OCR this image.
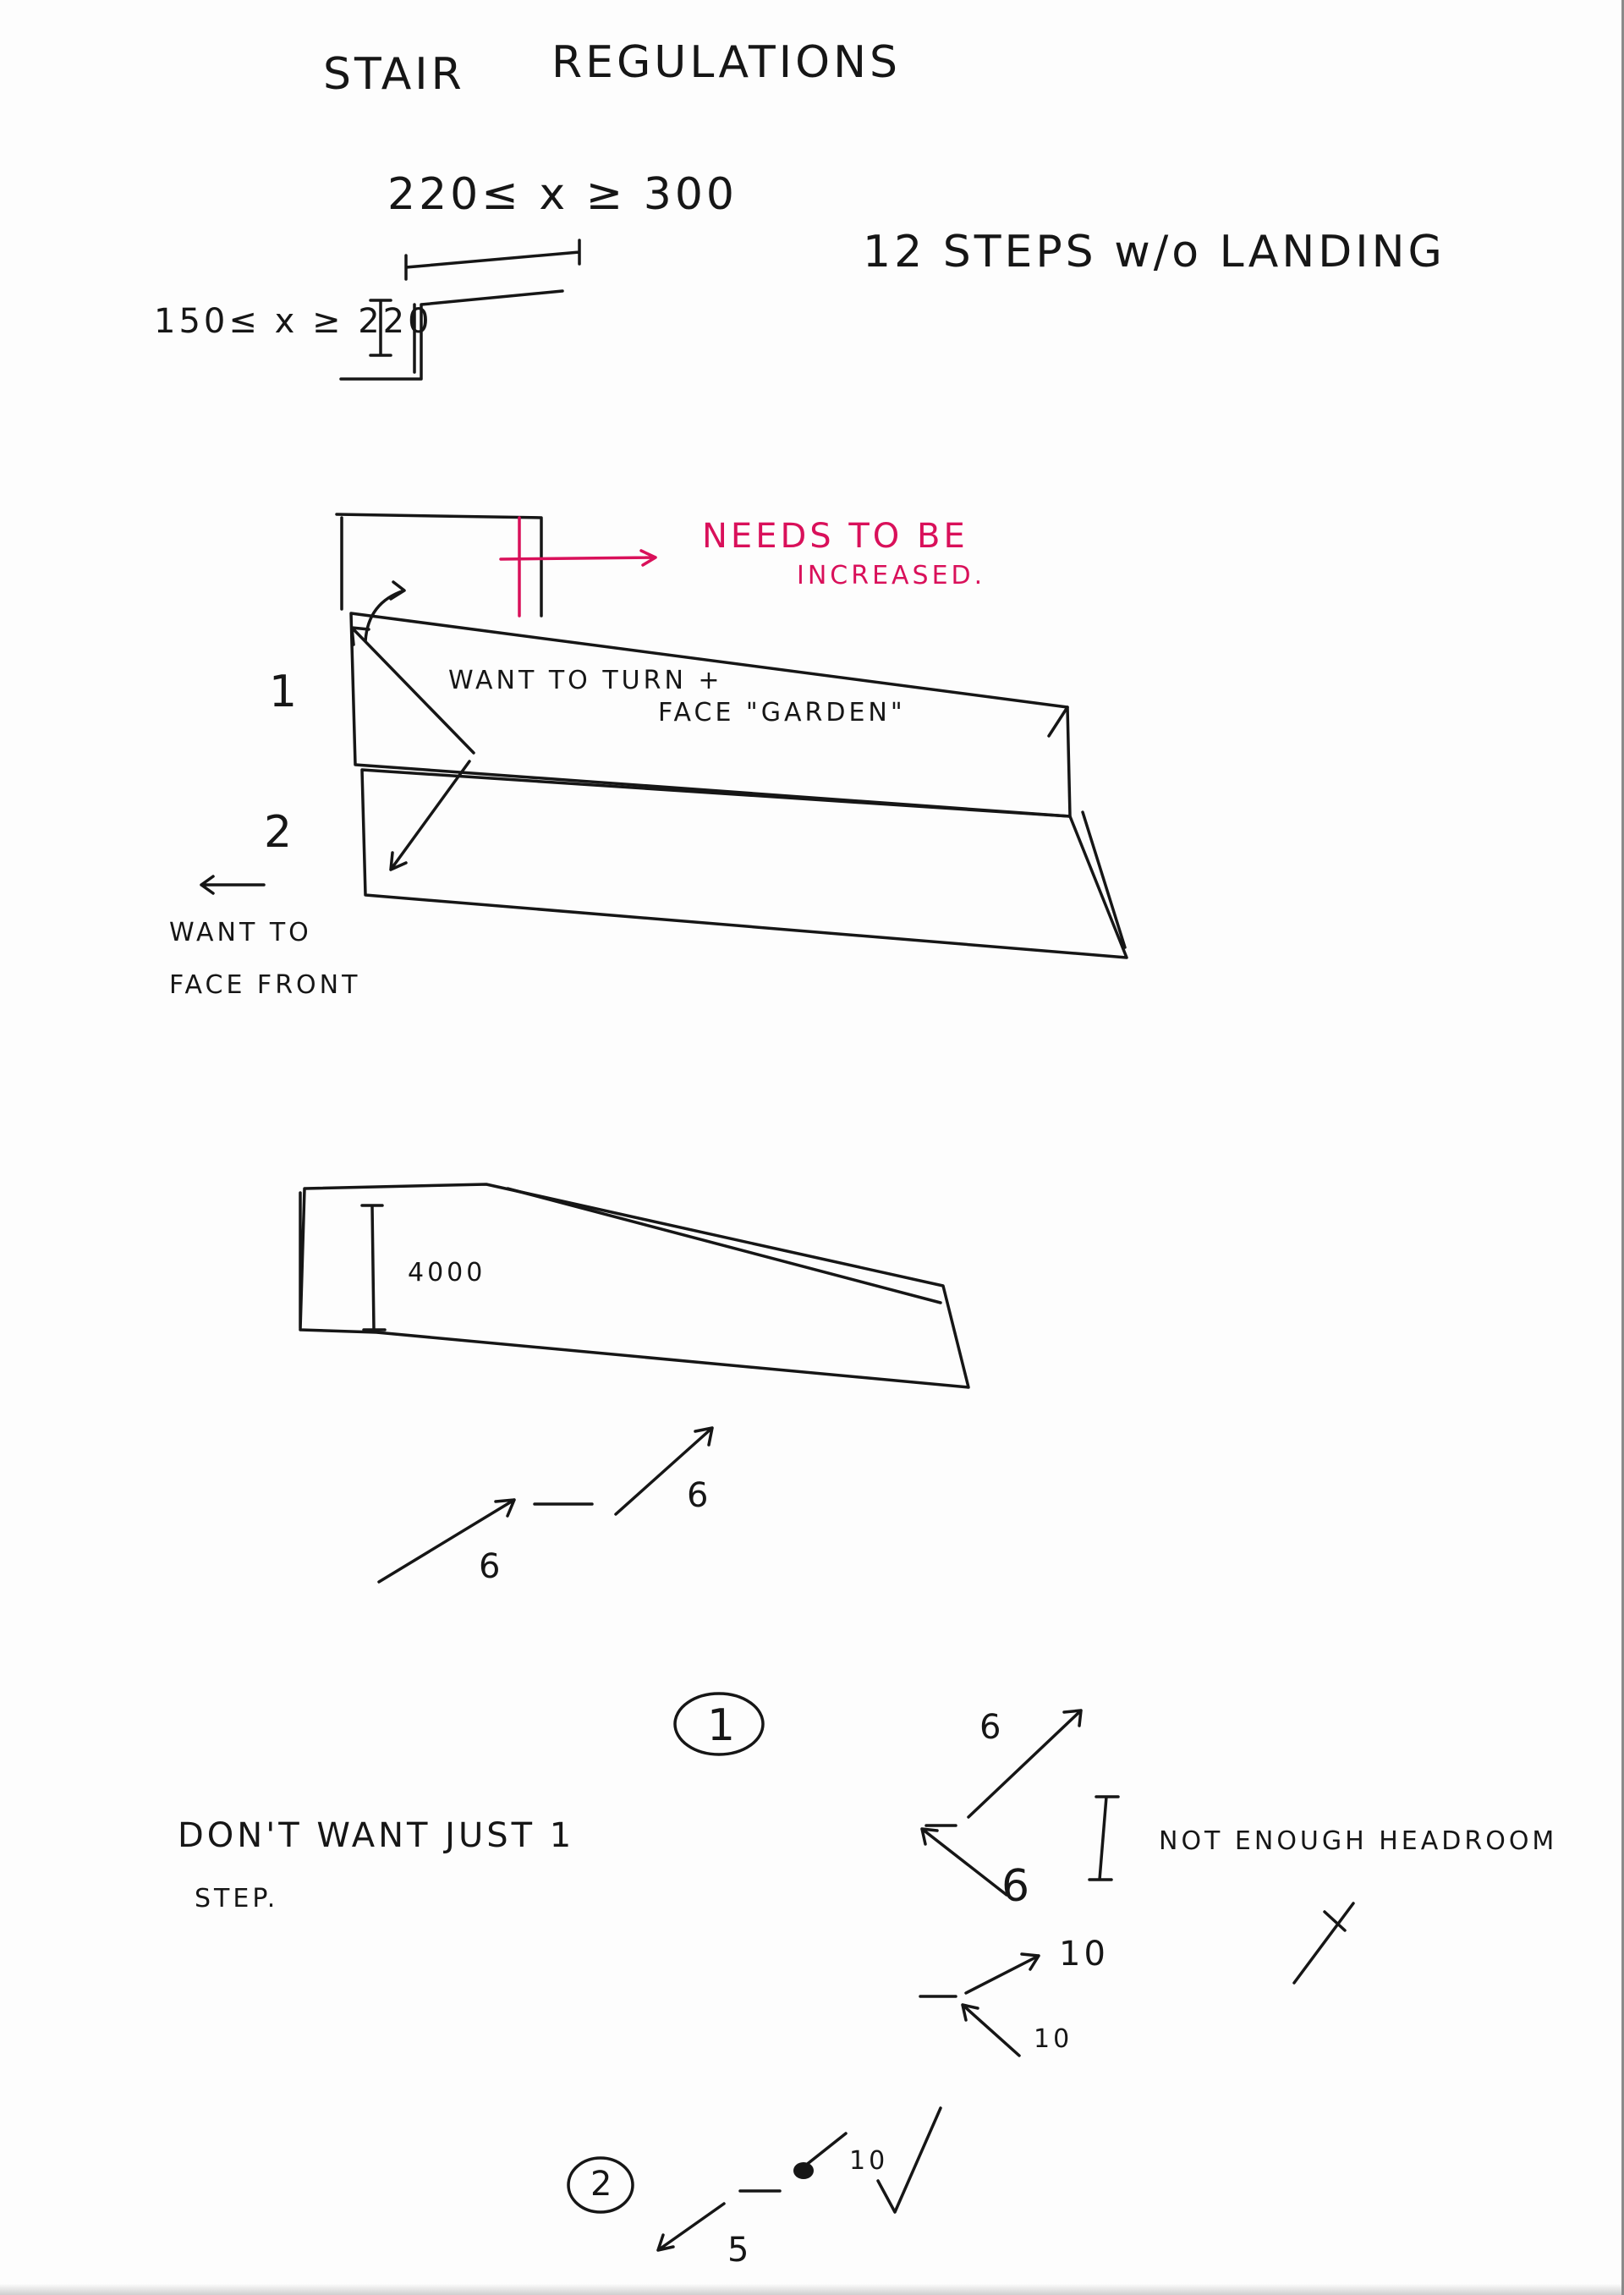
STAIR REGULATIONS
220≤ x ≥ 300
150≤ x ≥ 220
12 STEPS w/o LANDING
NEEDS TO BE
INCREASED.
WANT TO TURN +
FACE "GARDEN"
1
2
WANT TO
FACE FRONT
4000
6
6
1
DON'T WANT JUST 1
STEP.
6
6
NOT ENOUGH HEADROOM
10
10
2
10
5
